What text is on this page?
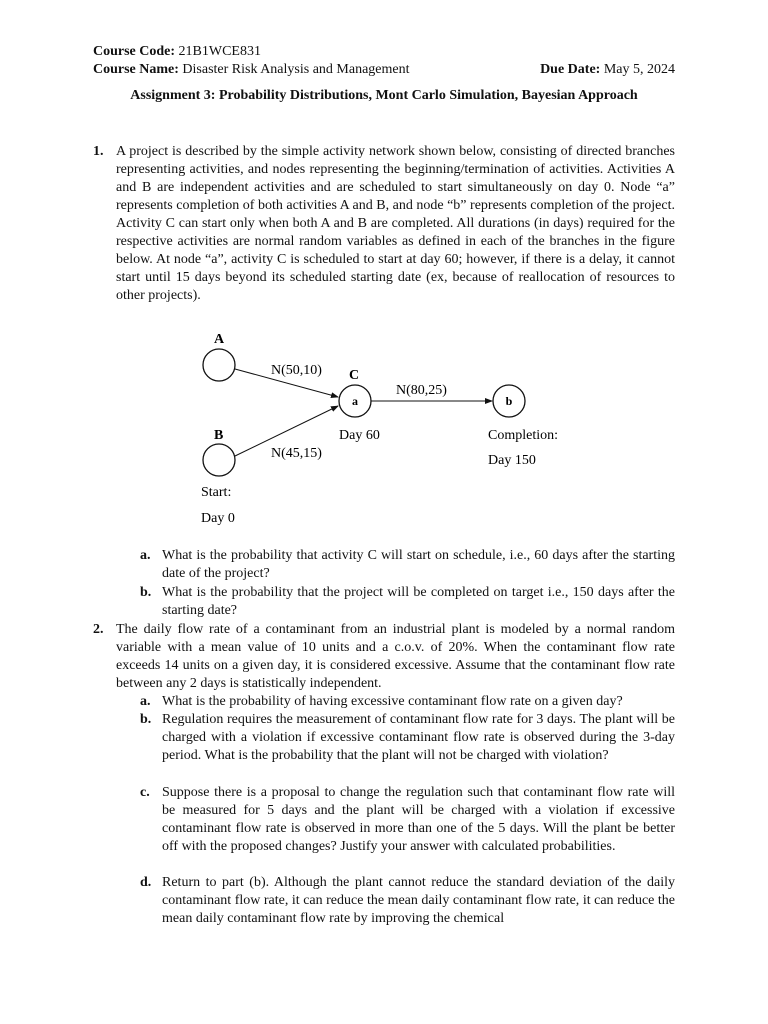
Course Code: 21B1WCE831
Course Name: Disaster Risk Analysis and Management	Due Date: May 5, 2024
Assignment 3: Probability Distributions, Mont Carlo Simulation, Bayesian Approach
1. A project is described by the simple activity network shown below, consisting of directed branches representing activities, and nodes representing the beginning/termination of activities. Activities A and B are independent activities and are scheduled to start simultaneously on day 0. Node “a” represents completion of both activities A and B, and node “b” represents completion of the project. Activity C can start only when both A and B are completed. All durations (in days) required for the respective activities are normal random variables as defined in each of the branches in the figure below. At node “a”, activity C is scheduled to start at day 60; however, if there is a delay, it cannot start until 15 days beyond its scheduled starting date (ex, because of reallocation of resources to other projects).
A
B
C
a	b
N(50,10)
N(45,15)
N(80,25)
Day 60	Completion:
Day 150
Start:
Day 0
a. What is the probability that activity C will start on schedule, i.e., 60 days after the starting date of the project?
b. What is the probability that the project will be completed on target i.e., 150 days after the starting date?
2. The daily flow rate of a contaminant from an industrial plant is modeled by a normal random variable with a mean value of 10 units and a c.o.v. of 20%. When the contaminant flow rate exceeds 14 units on a given day, it is considered excessive. Assume that the contaminant flow rate between any 2 days is statistically independent.
a. What is the probability of having excessive contaminant flow rate on a given day?
b. Regulation requires the measurement of contaminant flow rate for 3 days. The plant will be charged with a violation if excessive contaminant flow rate is observed during the 3-day period. What is the probability that the plant will not be charged with violation?
c. Suppose there is a proposal to change the regulation such that contaminant flow rate will be measured for 5 days and the plant will be charged with a violation if excessive contaminant flow rate is observed in more than one of the 5 days. Will the plant be better off with the proposed changes? Justify your answer with calculated probabilities.
d. Return to part (b). Although the plant cannot reduce the standard deviation of the daily contaminant flow rate, it can reduce the mean daily contaminant flow rate, it can reduce the mean daily contaminant flow rate by improving the chemical
